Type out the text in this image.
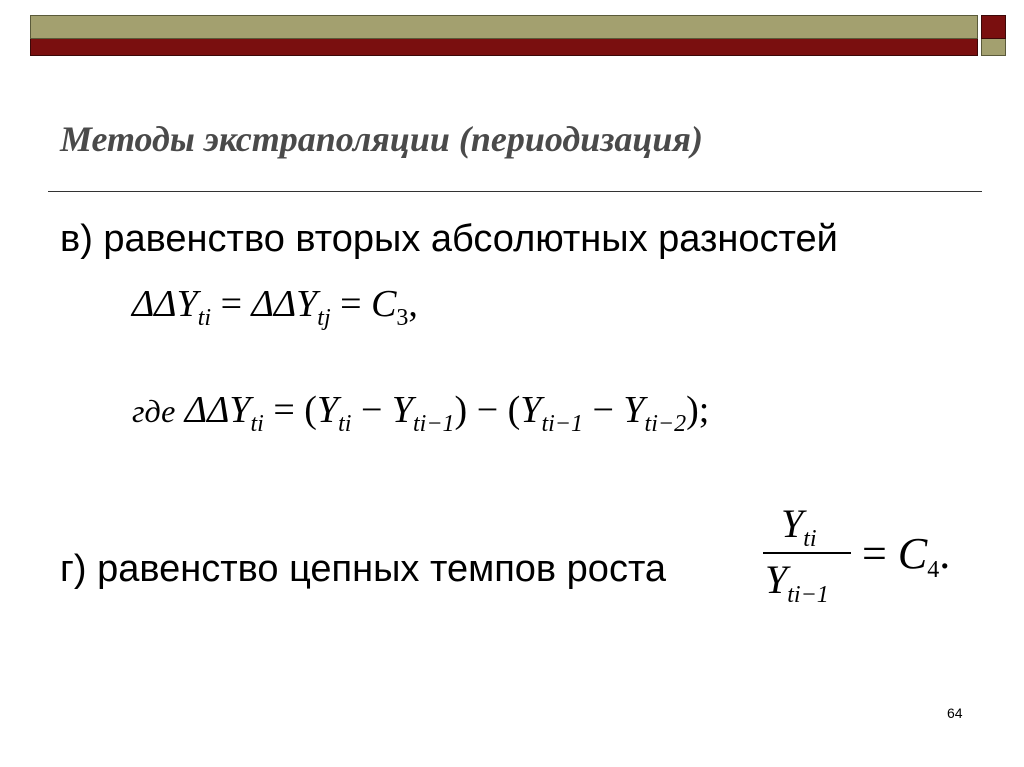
Методы экстраполяции (периодизация)
в) равенство вторых абсолютных разностей
$\Delta\Delta Y_{ti} = \Delta\Delta Y_{tj} = C_3$,
где $\Delta\Delta Y_{ti} = (Y_{ti} - Y_{ti-1}) - (Y_{ti-1} - Y_{ti-2})$;
г) равенство цепных темпов роста
$Y_{ti}$
$Y_{ti-1}$
= $C_4$.
64
